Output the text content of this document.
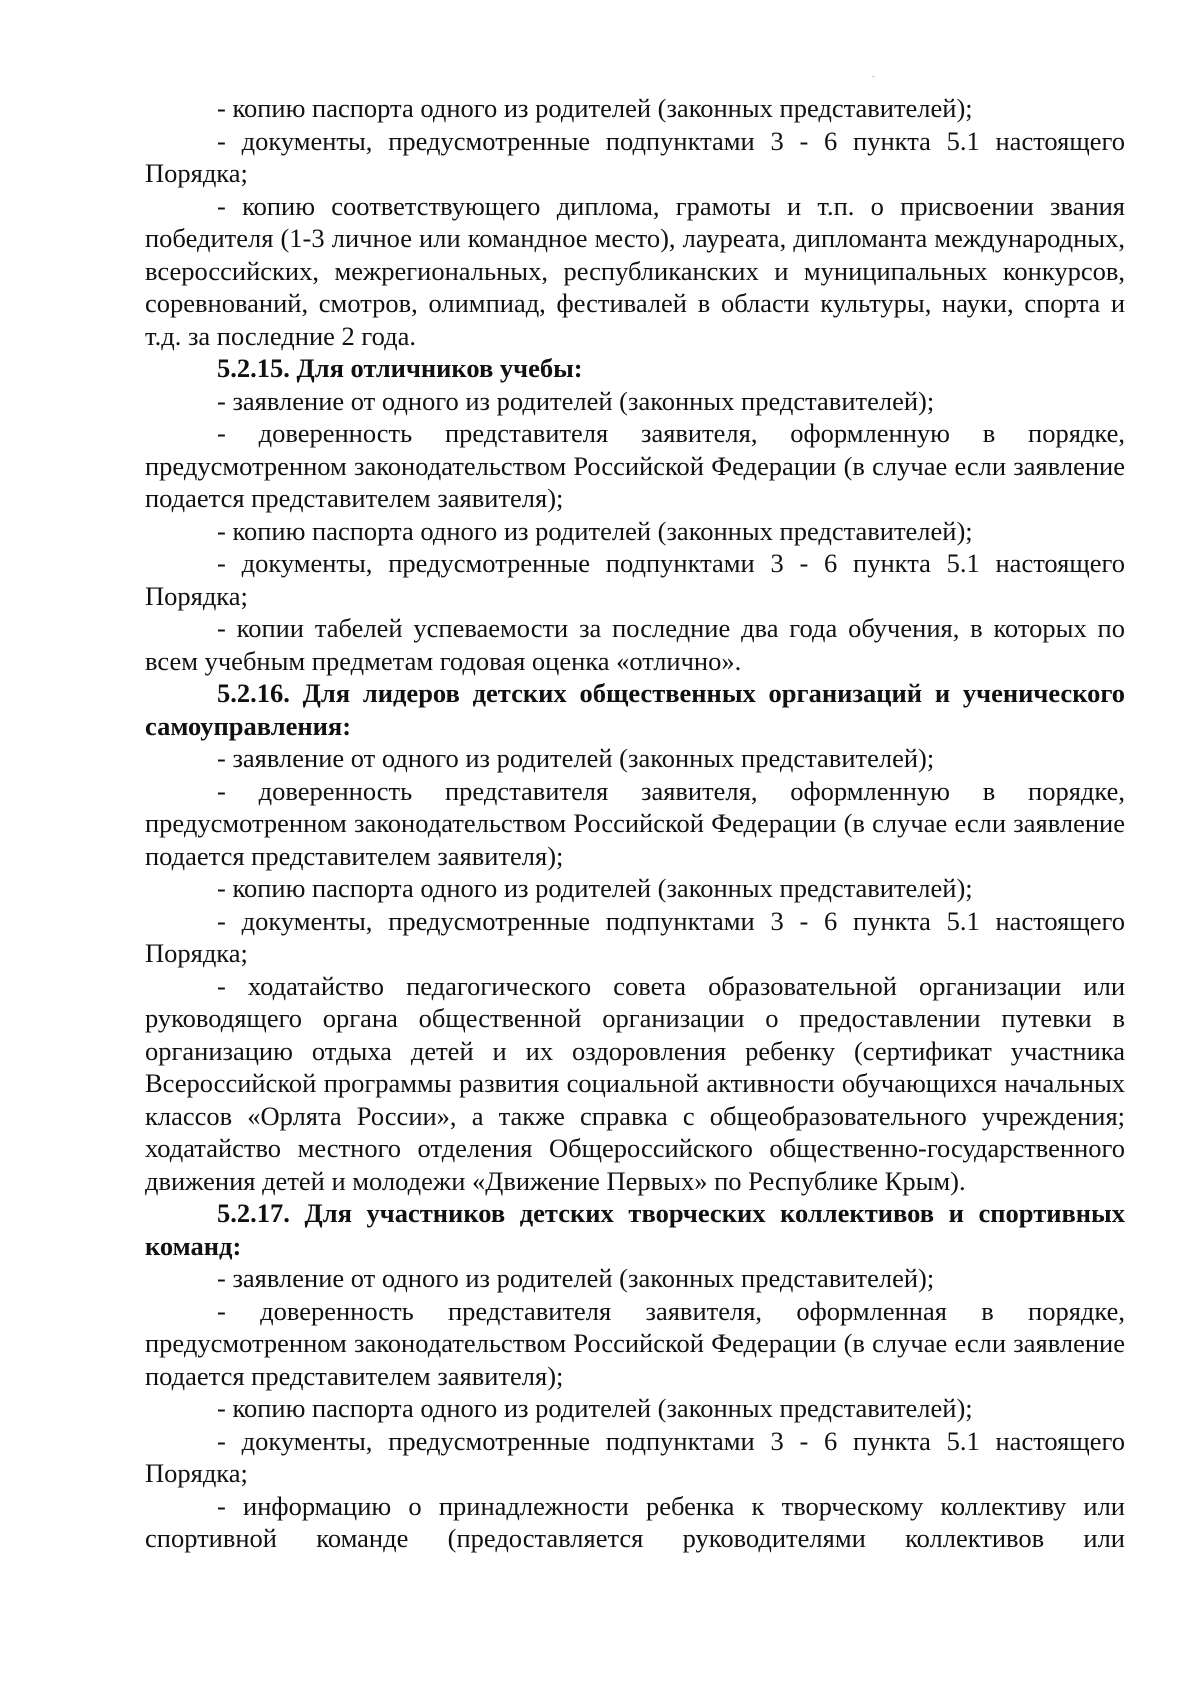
- копию паспорта одного из родителей (законных представителей);

- документы, предусмотренные подпунктами 3 - 6 пункта 5.1 настоящего Порядка;

- копию соответствующего диплома, грамоты и т.п. о присвоении звания победителя (1-3 личное или командное место), лауреата, дипломанта международных, всероссийских, межрегиональных, республиканских и муниципальных конкурсов, соревнований, смотров, олимпиад, фестивалей в области культуры, науки, спорта и т.д. за последние 2 года.

5.2.15. Для отличников учебы:

- заявление от одного из родителей (законных представителей);

- доверенность представителя заявителя, оформленную в порядке, предусмотренном законодательством Российской Федерации (в случае если заявление подается представителем заявителя);

- копию паспорта одного из родителей (законных представителей);

- документы, предусмотренные подпунктами 3 - 6 пункта 5.1 настоящего Порядка;

- копии табелей успеваемости за последние два года обучения, в которых по всем учебным предметам годовая оценка «отлично».

5.2.16. Для лидеров детских общественных организаций и ученического самоуправления:

- заявление от одного из родителей (законных представителей);

- доверенность представителя заявителя, оформленную в порядке, предусмотренном законодательством Российской Федерации (в случае если заявление подается представителем заявителя);

- копию паспорта одного из родителей (законных представителей);

- документы, предусмотренные подпунктами 3 - 6 пункта 5.1 настоящего Порядка;

- ходатайство педагогического совета образовательной организации или руководящего органа общественной организации о предоставлении путевки в организацию отдыха детей и их оздоровления ребенку (сертификат участника Всероссийской программы развития социальной активности обучающихся начальных классов «Орлята России», а также справка с общеобразовательного учреждения; ходатайство местного отделения Общероссийского общественно-государственного движения детей и молодежи «Движение Первых» по Республике Крым).

5.2.17. Для участников детских творческих коллективов и спортивных команд:

- заявление от одного из родителей (законных представителей);

- доверенность представителя заявителя, оформленная в порядке, предусмотренном законодательством Российской Федерации (в случае если заявление подается представителем заявителя);

- копию паспорта одного из родителей (законных представителей);

- документы, предусмотренные подпунктами 3 - 6 пункта 5.1 настоящего Порядка;

- информацию о принадлежности ребенка к творческому коллективу или спортивной команде (предоставляется руководителями коллективов или
